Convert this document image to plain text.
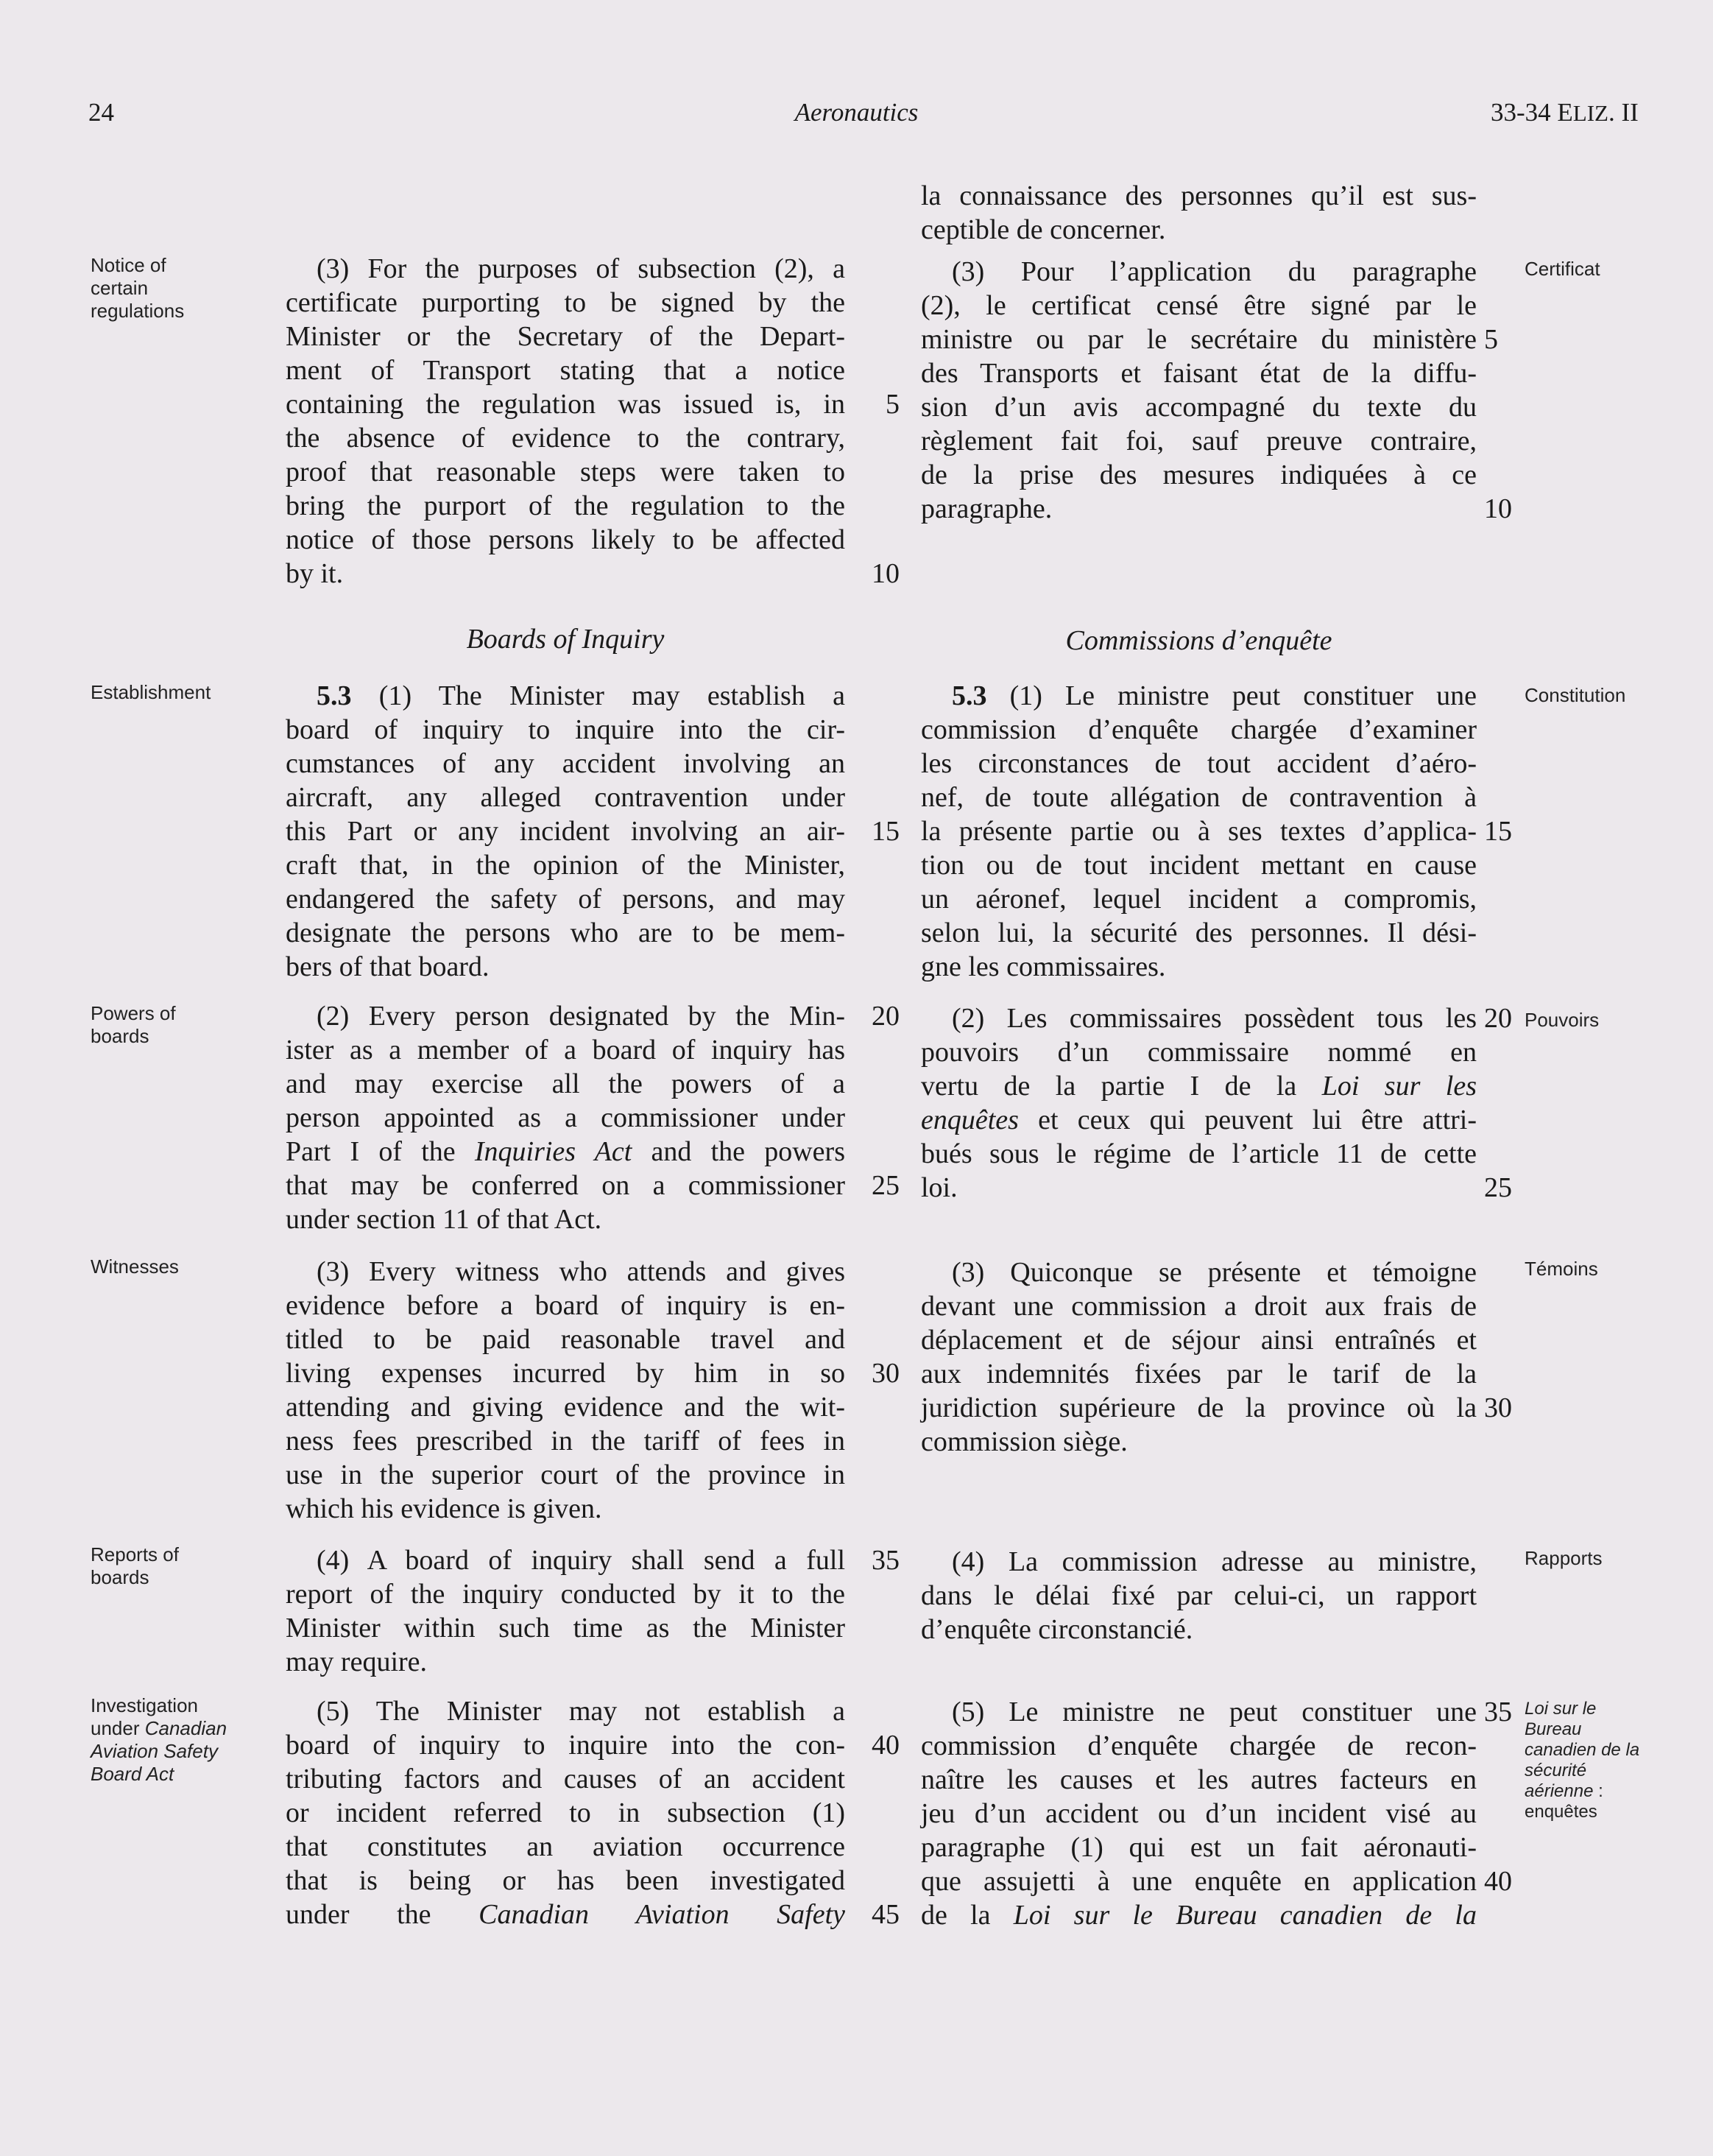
24	Aeronautics	33-34 ELIZ. II
Notice of
certain
regulations
Establishment
Powers of
boards
Witnesses
Reports of
boards
Investigation
under Canadian
Aviation Safety
Board Act
Certificat
Constitution
Pouvoirs
Témoins
Rapports
Loi sur le
Bureau
canadien de la
sécurité
aérienne :
enquêtes

(3) For the purposes of subsection (2), a

certificate purporting to be signed by the

Minister or the Secretary of the Depart-

ment of Transport stating that a notice

containing the regulation was issued is, in

the absence of evidence to the contrary,

proof that reasonable steps were taken to

bring the purport of the regulation to the

notice of those persons likely to be affected

by it.

Boards of Inquiry

5.3 (1) The Minister may establish a

board of inquiry to inquire into the cir-

cumstances of any accident involving an

aircraft, any alleged contravention under

this Part or any incident involving an air-

craft that, in the opinion of the Minister,

endangered the safety of persons, and may

designate the persons who are to be mem-

bers of that board.

(2) Every person designated by the Min-

ister as a member of a board of inquiry has

and may exercise all the powers of a

person appointed as a commissioner under

Part I of the Inquiries Act and the powers

that may be conferred on a commissioner

under section 11 of that Act.

(3) Every witness who attends and gives

evidence before a board of inquiry is en-

titled to be paid reasonable travel and

living expenses incurred by him in so

attending and giving evidence and the wit-

ness fees prescribed in the tariff of fees in

use in the superior court of the province in

which his evidence is given.

(4) A board of inquiry shall send a full

report of the inquiry conducted by it to the

Minister within such time as the Minister

may require.

(5) The Minister may not establish a

board of inquiry to inquire into the con-

tributing factors and causes of an accident

or incident referred to in subsection (1)

that constitutes an aviation occurrence

that is being or has been investigated

under the Canadian Aviation Safety

5
10
15
20
25
30
35
40
45

la connaissance des personnes qu’il est sus-

ceptible de concerner.

(3) Pour l’application du paragraphe

(2), le certificat censé être signé par le

ministre ou par le secrétaire du ministère

des Transports et faisant état de la diffu-

sion d’un avis accompagné du texte du

règlement fait foi, sauf preuve contraire,

de la prise des mesures indiquées à ce

paragraphe.

Commissions d’enquête

5.3 (1) Le ministre peut constituer une

commission d’enquête chargée d’examiner

les circonstances de tout accident d’aéro-

nef, de toute allégation de contravention à

la présente partie ou à ses textes d’applica-

tion ou de tout incident mettant en cause

un aéronef, lequel incident a compromis,

selon lui, la sécurité des personnes. Il dési-

gne les commissaires.

(2) Les commissaires possèdent tous les

pouvoirs d’un commissaire nommé en

vertu de la partie I de la Loi sur les

enquêtes et ceux qui peuvent lui être attri-

bués sous le régime de l’article 11 de cette

loi.

(3) Quiconque se présente et témoigne

devant une commission a droit aux frais de

déplacement et de séjour ainsi entraînés et

aux indemnités fixées par le tarif de la

juridiction supérieure de la province où la

commission siège.

(4) La commission adresse au ministre,

dans le délai fixé par celui-ci, un rapport

d’enquête circonstancié.

(5) Le ministre ne peut constituer une

commission d’enquête chargée de recon-

naître les causes et les autres facteurs en

jeu d’un accident ou d’un incident visé au

paragraphe (1) qui est un fait aéronauti-

que assujetti à une enquête en application

de la Loi sur le Bureau canadien de la

5
10
15
20
25
30
35
40
